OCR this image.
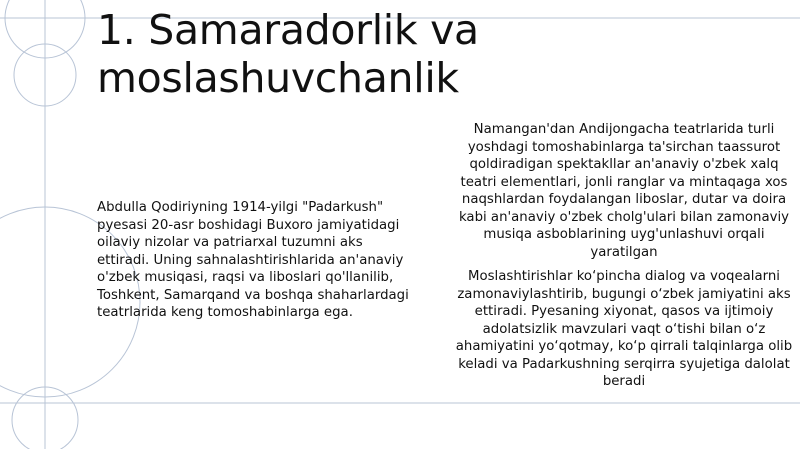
1. Samaradorlik va moslashuvchanlik
Abdulla Qodiriyning 1914-yilgi "Padarkush" pyesasi 20-asr boshidagi Buxoro jamiyatidagi oilaviy nizolar va patriarxal tuzumni aks ettiradi. Uning sahnalashtirishlarida an'anaviy o'zbek musiqasi, raqsi va liboslari qo'llanilib, Toshkent, Samarqand va boshqa shaharlardagi teatrlarida keng tomoshabinlarga ega.

Namangan'dan Andijongacha teatrlarida turli yoshdagi tomoshabinlarga ta'sirchan taassurot qoldiradigan spektakllar an'anaviy o'zbek xalq teatri elementlari, jonli ranglar va mintaqaga xos naqshlardan foydalangan liboslar, dutar va doira kabi an'anaviy o'zbek cholg'ulari bilan zamonaviy musiqa asboblarining uyg'unlashuvi orqali yaratilgan

Moslashtirishlar ko‘pincha dialog va voqealarni zamonaviylashtirib, bugungi o‘zbek jamiyatini aks ettiradi. Pyesaning xiyonat, qasos va ijtimoiy adolatsizlik mavzulari vaqt o‘tishi bilan o‘z ahamiyatini yo‘qotmay, ko‘p qirrali talqinlarga olib keladi va Padarkushning serqirra syujetiga dalolat beradi
